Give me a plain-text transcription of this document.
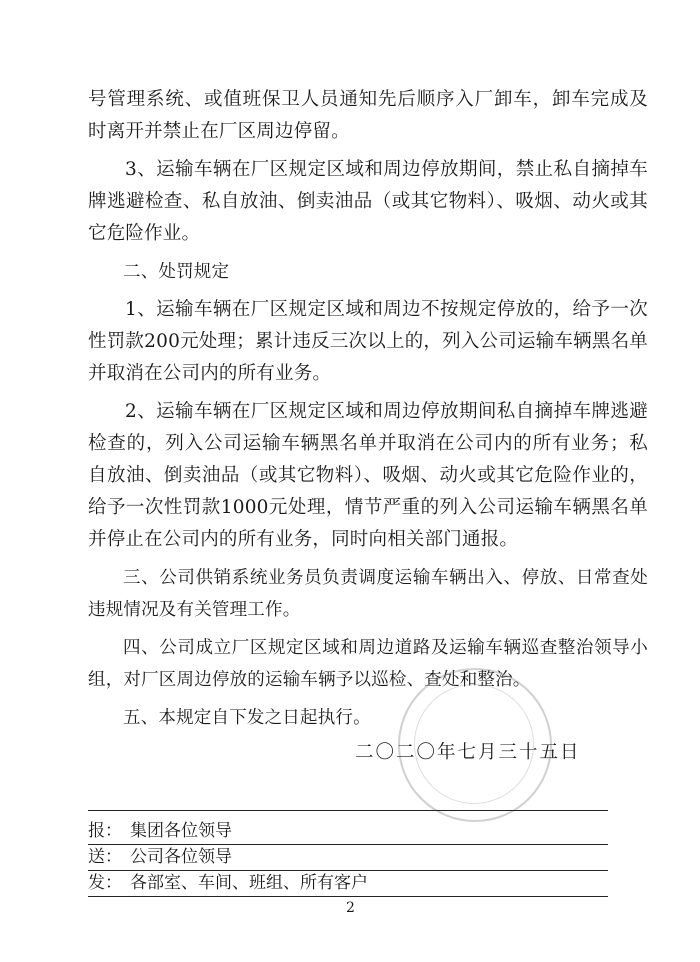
号管理系统、或值班保卫人员通知先后顺序入厂卸车，卸车完成及时离开并禁止在厂区周边停留。

3、运输车辆在厂区规定区域和周边停放期间，禁止私自摘掉车牌逃避检查、私自放油、倒卖油品（或其它物料）、吸烟、动火或其它危险作业。

二、处罚规定

1、运输车辆在厂区规定区域和周边不按规定停放的，给予一次性罚款200元处理；累计违反三次以上的，列入公司运输车辆黑名单并取消在公司内的所有业务。

2、运输车辆在厂区规定区域和周边停放期间私自摘掉车牌逃避检查的，列入公司运输车辆黑名单并取消在公司内的所有业务；私自放油、倒卖油品（或其它物料）、吸烟、动火或其它危险作业的，给予一次性罚款1000元处理，情节严重的列入公司运输车辆黑名单并停止在公司内的所有业务，同时向相关部门通报。

三、公司供销系统业务员负责调度运输车辆出入、停放、日常查处违规情况及有关管理工作。

四、公司成立厂区规定区域和周边道路及运输车辆巡查整治领导小组，对厂区周边停放的运输车辆予以巡检、查处和整治。

五、本规定自下发之日起执行。

二〇二〇年七月三十五日
报： 集团各位领导
送： 公司各位领导
发： 各部室、车间、班组、所有客户
2
